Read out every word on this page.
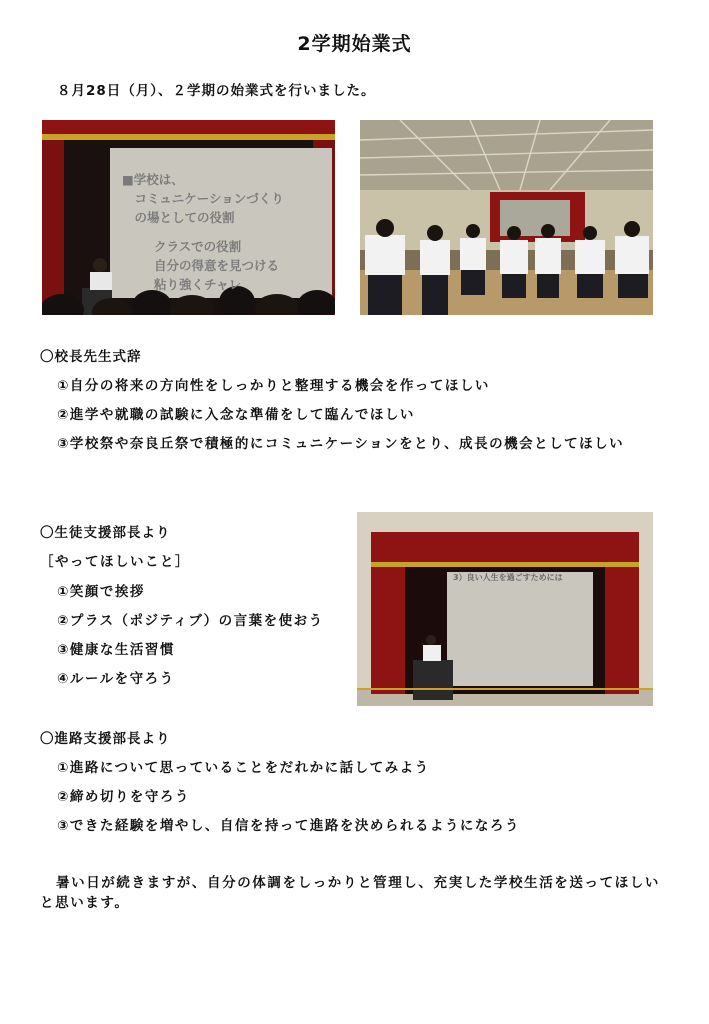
2学期始業式
８月28日（月）、２学期の始業式を行いました。
■学校は、
　コミュニケーションづくり
　の場としての役割
クラスでの役割
自分の得意を見つける
粘り強くチャレ
〇校長先生式辞
①自分の将来の方向性をしっかりと整理する機会を作ってほしい
②進学や就職の試験に入念な準備をして臨んでほしい
③学校祭や奈良丘祭で積極的にコミュニケーションをとり、成長の機会としてほしい
〇生徒支援部長より
［やってほしいこと］
①笑顔で挨拶
②プラス（ポジティブ）の言葉を使おう
③健康な生活習慣
④ルールを守ろう
3）良い人生を過ごすためには
〇進路支援部長より
①進路について思っていることをだれかに話してみよう
②締め切りを守ろう
③できた経験を増やし、自信を持って進路を決められるようになろう
暑い日が続きますが、自分の体調をしっかりと管理し、充実した学校生活を送ってほしいと思います。
